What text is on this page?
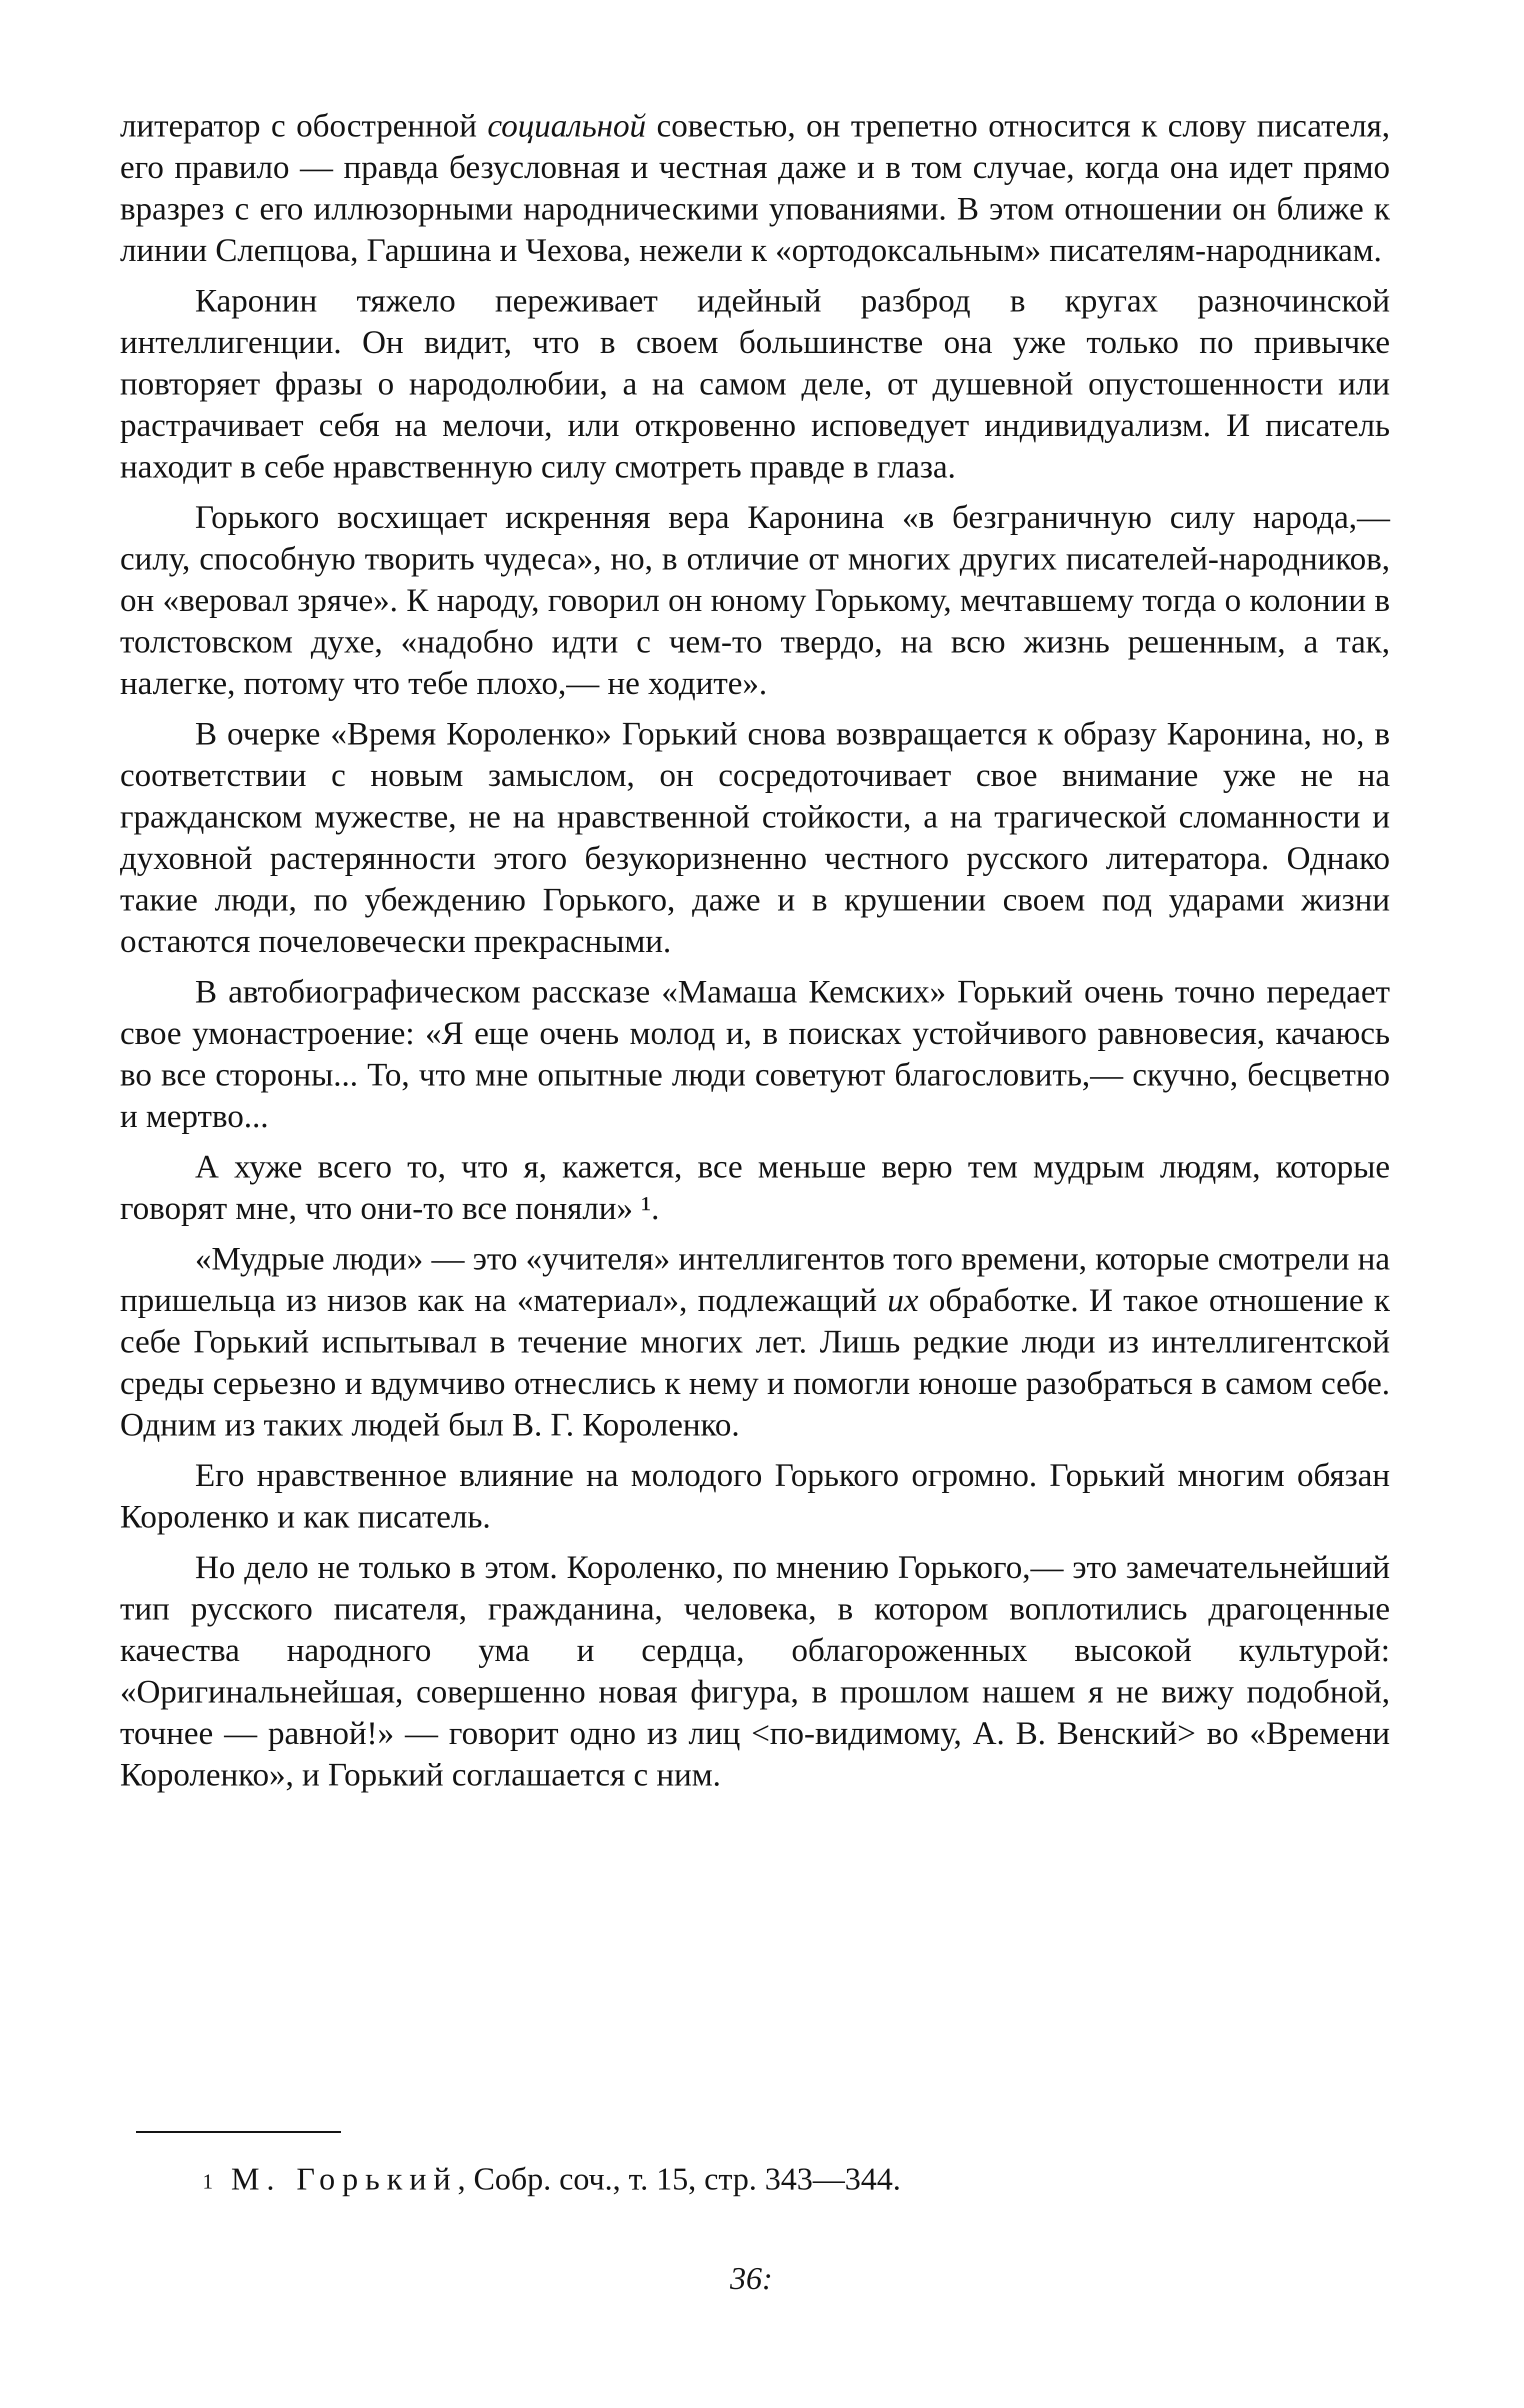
литератор с обостренной социальной совестью, он трепетно относится к слову писателя, его правило — правда безусловная и честная даже и в том случае, когда она идет прямо вразрез с его иллюзорными народническими упованиями. В этом отношении он ближе к линии Слепцова, Гаршина и Чехова, нежели к «ортодоксальным» писателям-народникам.

Каронин тяжело переживает идейный разброд в кругах разночинской интеллигенции. Он видит, что в своем большинстве она уже только по привычке повторяет фразы о народолюбии, а на самом деле, от душевной опустошенности или растрачивает себя на мелочи, или откровенно исповедует индивидуализм. И писатель находит в себе нравственную силу смотреть правде в глаза.

Горького восхищает искренняя вера Каронина «в безграничную силу народа,— силу, способную творить чудеса», но, в отличие от многих других писателей-народников, он «веровал зряче». К народу, говорил он юному Горькому, мечтавшему тогда о колонии в толстовском духе, «надобно идти с чем-то твердо, на всю жизнь решенным, а так, налегке, потому что тебе плохо,— не ходите».

В очерке «Время Короленко» Горький снова возвращается к образу Каронина, но, в соответствии с новым замыслом, он сосредоточивает свое внимание уже не на гражданском мужестве, не на нравственной стойкости, а на трагической сломанности и духовной растерянности этого безукоризненно честного русского литератора. Однако такие люди, по убеждению Горького, даже и в крушении своем под ударами жизни остаются почеловечески прекрасными.

В автобиографическом рассказе «Мамаша Кемских» Горький очень точно передает свое умонастроение: «Я еще очень молод и, в поисках устойчивого равновесия, качаюсь во все стороны... То, что мне опытные люди советуют благословить,— скучно, бесцветно и мертво...

А хуже всего то, что я, кажется, все меньше верю тем мудрым людям, которые говорят мне, что они-то все поняли» ¹.

«Мудрые люди» — это «учителя» интеллигентов того времени, которые смотрели на пришельца из низов как на «материал», подлежащий их обработке. И такое отношение к себе Горький испытывал в течение многих лет. Лишь редкие люди из интеллигентской среды серьезно и вдумчиво отнеслись к нему и помогли юноше разобраться в самом себе. Одним из таких людей был В. Г. Короленко.

Его нравственное влияние на молодого Горького огромно. Горький многим обязан Короленко и как писатель.

Но дело не только в этом. Короленко, по мнению Горького,— это замечательнейший тип русского писателя, гражданина, человека, в котором воплотились драгоценные качества народного ума и сердца, облагороженных высокой культурой: «Оригинальнейшая, совершенно новая фигура, в прошлом нашем я не вижу подобной, точнее — равной!» — говорит одно из лиц <по-видимому, А. В. Венский> во «Времени Короленко», и Горький соглашается с ним.

1 М. Горький, Собр. соч., т. 15, стр. 343—344.
36:
